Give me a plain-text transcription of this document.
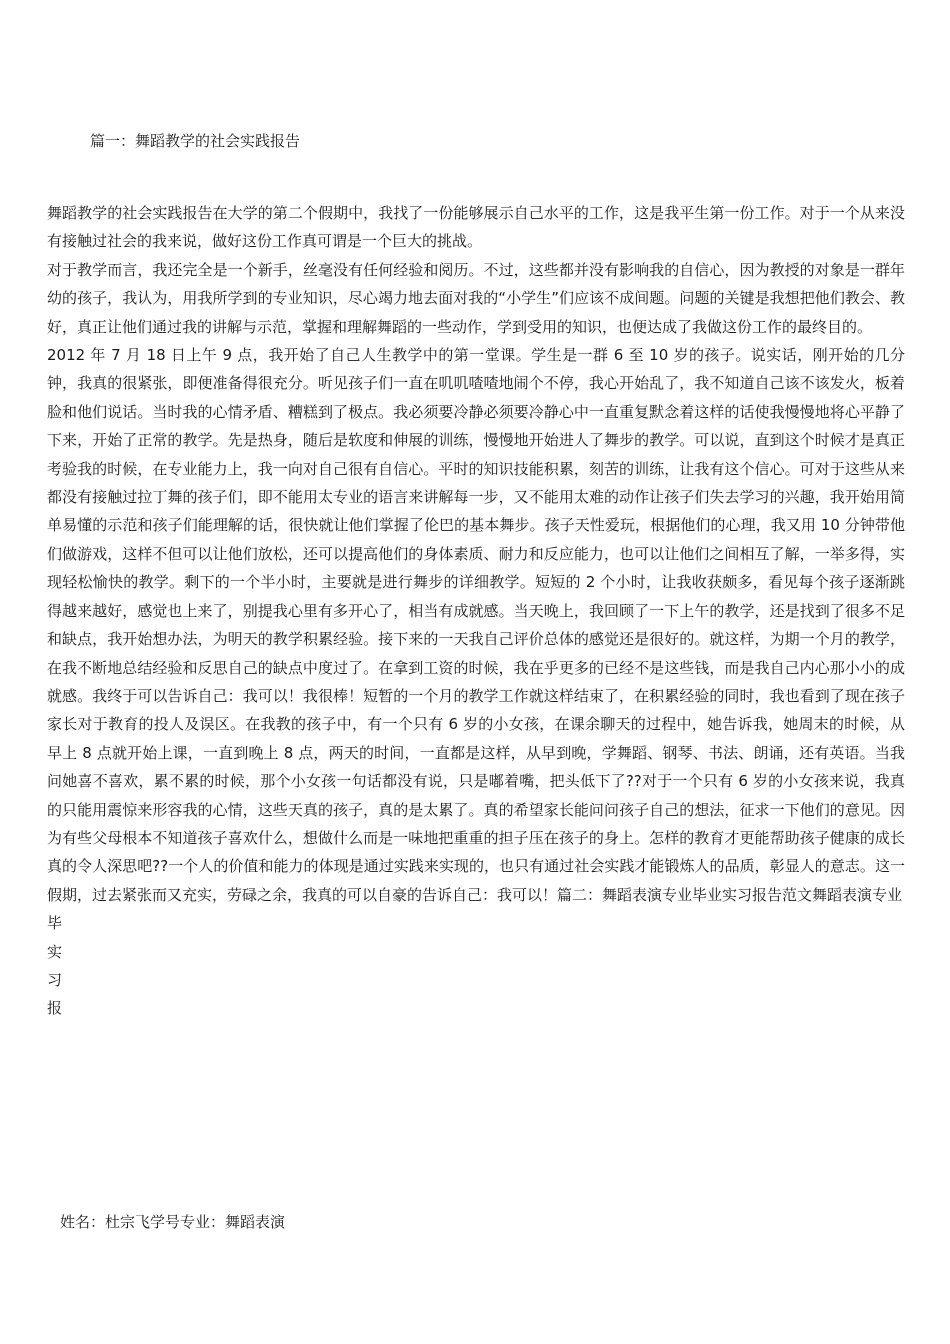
篇一：舞蹈教学的社会实践报告

舞蹈教学的社会实践报告在大学的第二个假期中，我找了一份能够展示自己水平的工作，这是我平生第一份工作。对于一个从来没有接触过社会的我来说，做好这份工作真可谓是一个巨大的挑战。

对于教学而言，我还完全是一个新手，丝毫没有任何经验和阅历。不过，这些都并没有影响我的自信心，因为教授的对象是一群年幼的孩子，我认为，用我所学到的专业知识，尽心竭力地去面对我的“小学生”们应该不成间题。问题的关键是我想把他们教会、教好，真正让他们通过我的讲解与示范，掌握和理解舞蹈的一些动作，学到受用的知识，也便达成了我做这份工作的最终目的。

2012 年 7 月 18 日上午 9 点，我开始了自己人生教学中的第一堂课。学生是一群 6 至 10 岁的孩子。说实话，刚开始的几分钟，我真的很紧张，即便准备得很充分。听见孩子们一直在叽叽喳喳地闹个不停，我心开始乱了，我不知道自己该不该发火，板着脸和他们说话。当时我的心情矛盾、糟糕到了极点。我必须要冷静必须要冷静心中一直重复默念着这样的话使我慢慢地将心平静了下来，开始了正常的教学。先是热身，随后是软度和伸展的训练，慢慢地开始进人了舞步的教学。可以说，直到这个时候才是真正考验我的时候，在专业能力上，我一向对自己很有自信心。平时的知识技能积累，刻苦的训练，让我有这个信心。可对于这些从来都没有接触过拉丁舞的孩子们，即不能用太专业的语言来讲解每一步，又不能用太难的动作让孩子们失去学习的兴趣，我开始用简单易懂的示范和孩子们能理解的话，很快就让他们掌握了伦巴的基本舞步。孩子天性爱玩，根据他们的心理，我又用 10 分钟带他们做游戏，这样不但可以让他们放松，还可以提高他们的身体素质、耐力和反应能力，也可以让他们之间相互了解，一举多得，实现轻松愉快的教学。剩下的一个半小时，主要就是进行舞步的详细教学。短短的 2 个小时，让我收获颇多，看见每个孩子逐渐跳得越来越好，感觉也上来了，别提我心里有多开心了，相当有成就感。当天晚上，我回顾了一下上午的教学，还是找到了很多不足和缺点，我开始想办法，为明天的教学积累经验。接下来的一天我自己评价总体的感觉还是很好的。就这样，为期一个月的教学，在我不断地总结经验和反思自己的缺点中度过了。在拿到工资的时候，我在乎更多的已经不是这些钱，而是我自己内心那小小的成就感。我终于可以告诉自己：我可以！我很棒！短暂的一个月的教学工作就这样结束了，在积累经验的同时，我也看到了现在孩子家长对于教育的投人及误区。在我教的孩子中，有一个只有 6 岁的小女孩，在课余聊天的过程中，她告诉我，她周末的时候，从早上 8 点就开始上课，一直到晚上 8 点，两天的时间，一直都是这样，从早到晚，学舞蹈、钢琴、书法、朗诵，还有英语。当我问她喜不喜欢，累不累的时候，那个小女孩一句话都没有说，只是嘟着嘴，把头低下了??对于一个只有 6 岁的小女孩来说，我真的只能用震惊来形容我的心情，这些天真的孩子，真的是太累了。真的希望家长能问问孩子自己的想法，征求一下他们的意见。因为有些父母根本不知道孩子喜欢什么，想做什么而是一味地把重重的担子压在孩子的身上。怎样的教育才更能帮助孩子健康的成长真的令人深思吧??一个人的价值和能力的体现是通过实践来实现的，也只有通过社会实践才能锻炼人的品质，彰显人的意志。这一假期，过去紧张而又充实，劳碌之余，我真的可以自豪的告诉自己：我可以！篇二：舞蹈表演专业毕业实习报告范文舞蹈表演专业

毕
实
习
报
姓名：杜宗飞学号专业：舞蹈表演
